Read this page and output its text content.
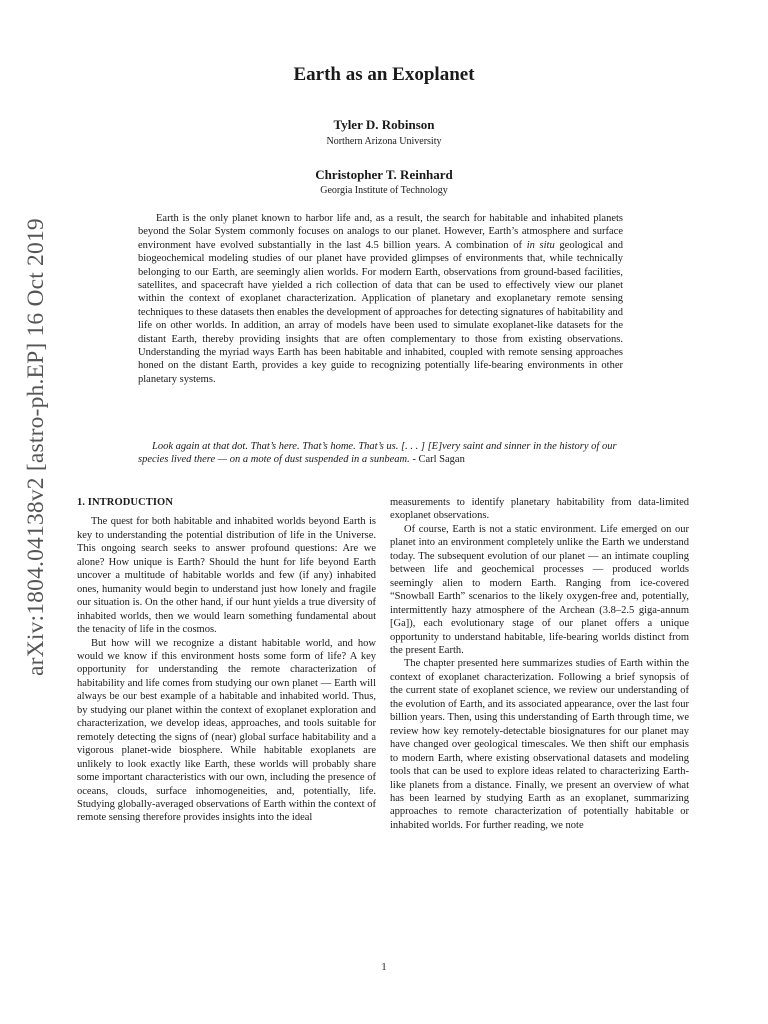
arXiv:1804.04138v2 [astro-ph.EP] 16 Oct 2019
Earth as an Exoplanet
Tyler D. Robinson
Northern Arizona University
Christopher T. Reinhard
Georgia Institute of Technology
Earth is the only planet known to harbor life and, as a result, the search for habitable and inhabited planets beyond the Solar System commonly focuses on analogs to our planet. However, Earth’s atmosphere and surface environment have evolved substantially in the last 4.5 billion years. A combination of in situ geological and biogeochemical modeling studies of our planet have provided glimpses of environments that, while technically belonging to our Earth, are seemingly alien worlds. For modern Earth, observations from ground-based facilities, satellites, and spacecraft have yielded a rich collection of data that can be used to effectively view our planet within the context of exoplanet characterization. Application of planetary and exoplanetary remote sensing techniques to these datasets then enables the development of approaches for detecting signatures of habitability and life on other worlds. In addition, an array of models have been used to simulate exoplanet-like datasets for the distant Earth, thereby providing insights that are often complementary to those from existing observations. Understanding the myriad ways Earth has been habitable and inhabited, coupled with remote sensing approaches honed on the distant Earth, provides a key guide to recognizing potentially life-bearing environments in other planetary systems.
Look again at that dot. That’s here. That’s home. That’s us. [. . . ] [E]very saint and sinner in the history of our species lived there — on a mote of dust suspended in a sunbeam. - Carl Sagan
1. INTRODUCTION

The quest for both habitable and inhabited worlds beyond Earth is key to understanding the potential distribution of life in the Universe. This ongoing search seeks to answer profound questions: Are we alone? How unique is Earth? Should the hunt for life beyond Earth uncover a multitude of habitable worlds and few (if any) inhabited ones, humanity would begin to understand just how lonely and fragile our situation is. On the other hand, if our hunt yields a true diversity of inhabited worlds, then we would learn something fundamental about the tenacity of life in the cosmos.

But how will we recognize a distant habitable world, and how would we know if this environment hosts some form of life? A key opportunity for understanding the remote characterization of habitability and life comes from studying our own planet — Earth will always be our best example of a habitable and inhabited world. Thus, by studying our planet within the context of exoplanet exploration and characterization, we develop ideas, approaches, and tools suitable for remotely detecting the signs of (near) global surface habitability and a vigorous planet-wide biosphere. While habitable exoplanets are unlikely to look exactly like Earth, these worlds will probably share some important characteristics with our own, including the presence of oceans, clouds, surface inhomogeneities, and, potentially, life. Studying globally-averaged observations of Earth within the context of remote sensing therefore provides insights into the ideal

measurements to identify planetary habitability from data-limited exoplanet observations.

Of course, Earth is not a static environment. Life emerged on our planet into an environment completely unlike the Earth we understand today. The subsequent evolution of our planet — an intimate coupling between life and geochemical processes — produced worlds seemingly alien to modern Earth. Ranging from ice-covered “Snowball Earth” scenarios to the likely oxygen-free and, potentially, intermittently hazy atmosphere of the Archean (3.8–2.5 giga-annum [Ga]), each evolutionary stage of our planet offers a unique opportunity to understand habitable, life-bearing worlds distinct from the present Earth.

The chapter presented here summarizes studies of Earth within the context of exoplanet characterization. Following a brief synopsis of the current state of exoplanet science, we review our understanding of the evolution of Earth, and its associated appearance, over the last four billion years. Then, using this understanding of Earth through time, we review how key remotely-detectable biosignatures for our planet may have changed over geological timescales. We then shift our emphasis to modern Earth, where existing observational datasets and modeling tools that can be used to explore ideas related to characterizing Earth-like planets from a distance. Finally, we present an overview of what has been learned by studying Earth as an exoplanet, summarizing approaches to remote characterization of potentially habitable or inhabited worlds. For further reading, we note

1
